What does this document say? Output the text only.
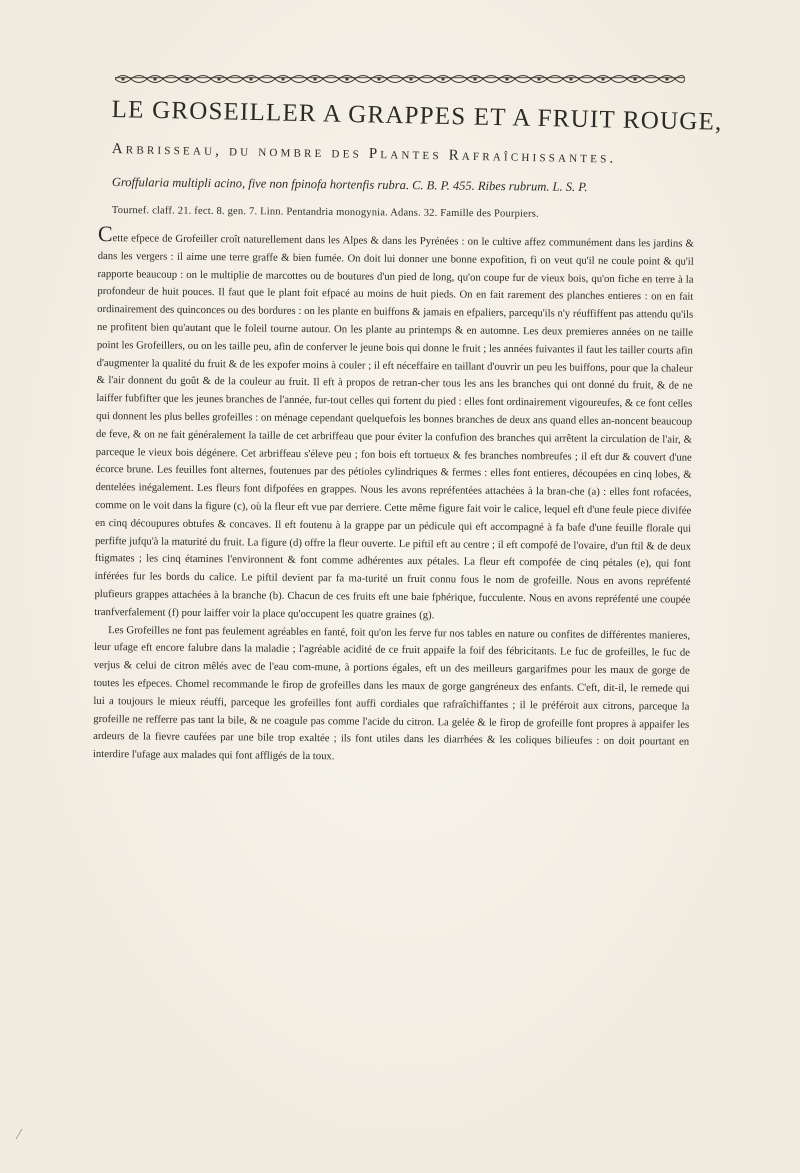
LE GROSEILLER A GRAPPES ET A FRUIT ROUGE,
Arbrisseau, du nombre des Plantes Rafraîchissantes.
Groffularia multipli acino, five non fpinofa hortenfis rubra. C. B. P. 455. Ribes rubrum. L. S. P.
Tournef. claff. 21. fect. 8. gen. 7. Linn. Pentandria monogynia. Adans. 32. Famille des Pourpiers.

Cette efpece de Grofeiller croît naturellement dans les Alpes & dans les Pyrénées : on le cultive affez communément dans les jardins & dans les vergers : il aime une terre graffe & bien fumée. On doit lui donner une bonne expofition, fi on veut qu'il ne coule point & qu'il rapporte beaucoup : on le multiplie de marcottes ou de boutures d'un pied de long, qu'on coupe fur de vieux bois, qu'on fiche en terre à la profondeur de huit pouces. Il faut que le plant foit efpacé au moins de huit pieds. On en fait rarement des planches entieres : on en fait ordinairement des quinconces ou des bordures : on les plante en buiffons & jamais en efpaliers, parcequ'ils n'y réuffiffent pas attendu qu'ils ne profitent bien qu'autant que le foleil tourne autour. On les plante au printemps & en automne. Les deux premieres années on ne taille point les Grofeillers, ou on les taille peu, afin de conferver le jeune bois qui donne le fruit ; les années fuivantes il faut les tailler courts afin d'augmenter la qualité du fruit & de les expofer moins à couler ; il eft néceffaire en taillant d'ouvrir un peu les buiffons, pour que la chaleur & l'air donnent du goût & de la couleur au fruit. Il eft à propos de retran-cher tous les ans les branches qui ont donné du fruit, & de ne laiffer fubfifter que les jeunes branches de l'année, fur-tout celles qui fortent du pied : elles font ordinairement vigoureufes, & ce font celles qui donnent les plus belles grofeilles : on ménage cependant quelquefois les bonnes branches de deux ans quand elles an-noncent beaucoup de feve, & on ne fait généralement la taille de cet arbriffeau que pour éviter la confufion des branches qui arrêtent la circulation de l'air, & parceque le vieux bois dégénere. Cet arbriffeau s'éleve peu ; fon bois eft tortueux & fes branches nombreufes ; il eft dur & couvert d'une écorce brune. Les feuilles font alternes, foutenues par des pétioles cylindriques & fermes : elles font entieres, découpées en cinq lobes, & dentelées inégalement. Les fleurs font difpofées en grappes. Nous les avons repréfentées attachées à la bran-che (a) : elles font rofacées, comme on le voit dans la figure (c), où la fleur eft vue par derriere. Cette même figure fait voir le calice, lequel eft d'une feule piece divifée en cinq découpures obtufes & concaves. Il eft foutenu à la grappe par un pédicule qui eft accompagné à fa bafe d'une feuille florale qui perfifte jufqu'à la maturité du fruit. La figure (d) offre la fleur ouverte. Le piftil eft au centre ; il eft compofé de l'ovaire, d'un ftil & de deux ftigmates ; les cinq étamines l'environnent & font comme adhérentes aux pétales. La fleur eft compofée de cinq pétales (e), qui font inférées fur les bords du calice. Le piftil devient par fa ma-turité un fruit connu fous le nom de grofeille. Nous en avons repréfenté plufieurs grappes attachées à la branche (b). Chacun de ces fruits eft une baie fphérique, fucculente. Nous en avons repréfenté une coupée tranfverfalement (f) pour laiffer voir la place qu'occupent les quatre graines (g).

Les Grofeilles ne font pas feulement agréables en fanté, foit qu'on les ferve fur nos tables en nature ou confites de différentes manieres, leur ufage eft encore falubre dans la maladie ; l'agréable acidité de ce fruit appaife la foif des fébricitants. Le fuc de grofeilles, le fuc de verjus & celui de citron mêlés avec de l'eau com-mune, à portions égales, eft un des meilleurs gargarifmes pour les maux de gorge de toutes les efpeces. Chomel recommande le firop de grofeilles dans les maux de gorge gangréneux des enfants. C'eft, dit-il, le remede qui lui a toujours le mieux réuffi, parceque les grofeilles font auffi cordiales que rafraîchiffantes ; il le préféroit aux citrons, parceque la grofeille ne refferre pas tant la bile, & ne coagule pas comme l'acide du citron. La gelée & le firop de grofeille font propres à appaifer les ardeurs de la fievre caufées par une bile trop exaltée ; ils font utiles dans les diarrhées & les coliques bilieufes : on doit pourtant en interdire l'ufage aux malades qui font affligés de la toux.
